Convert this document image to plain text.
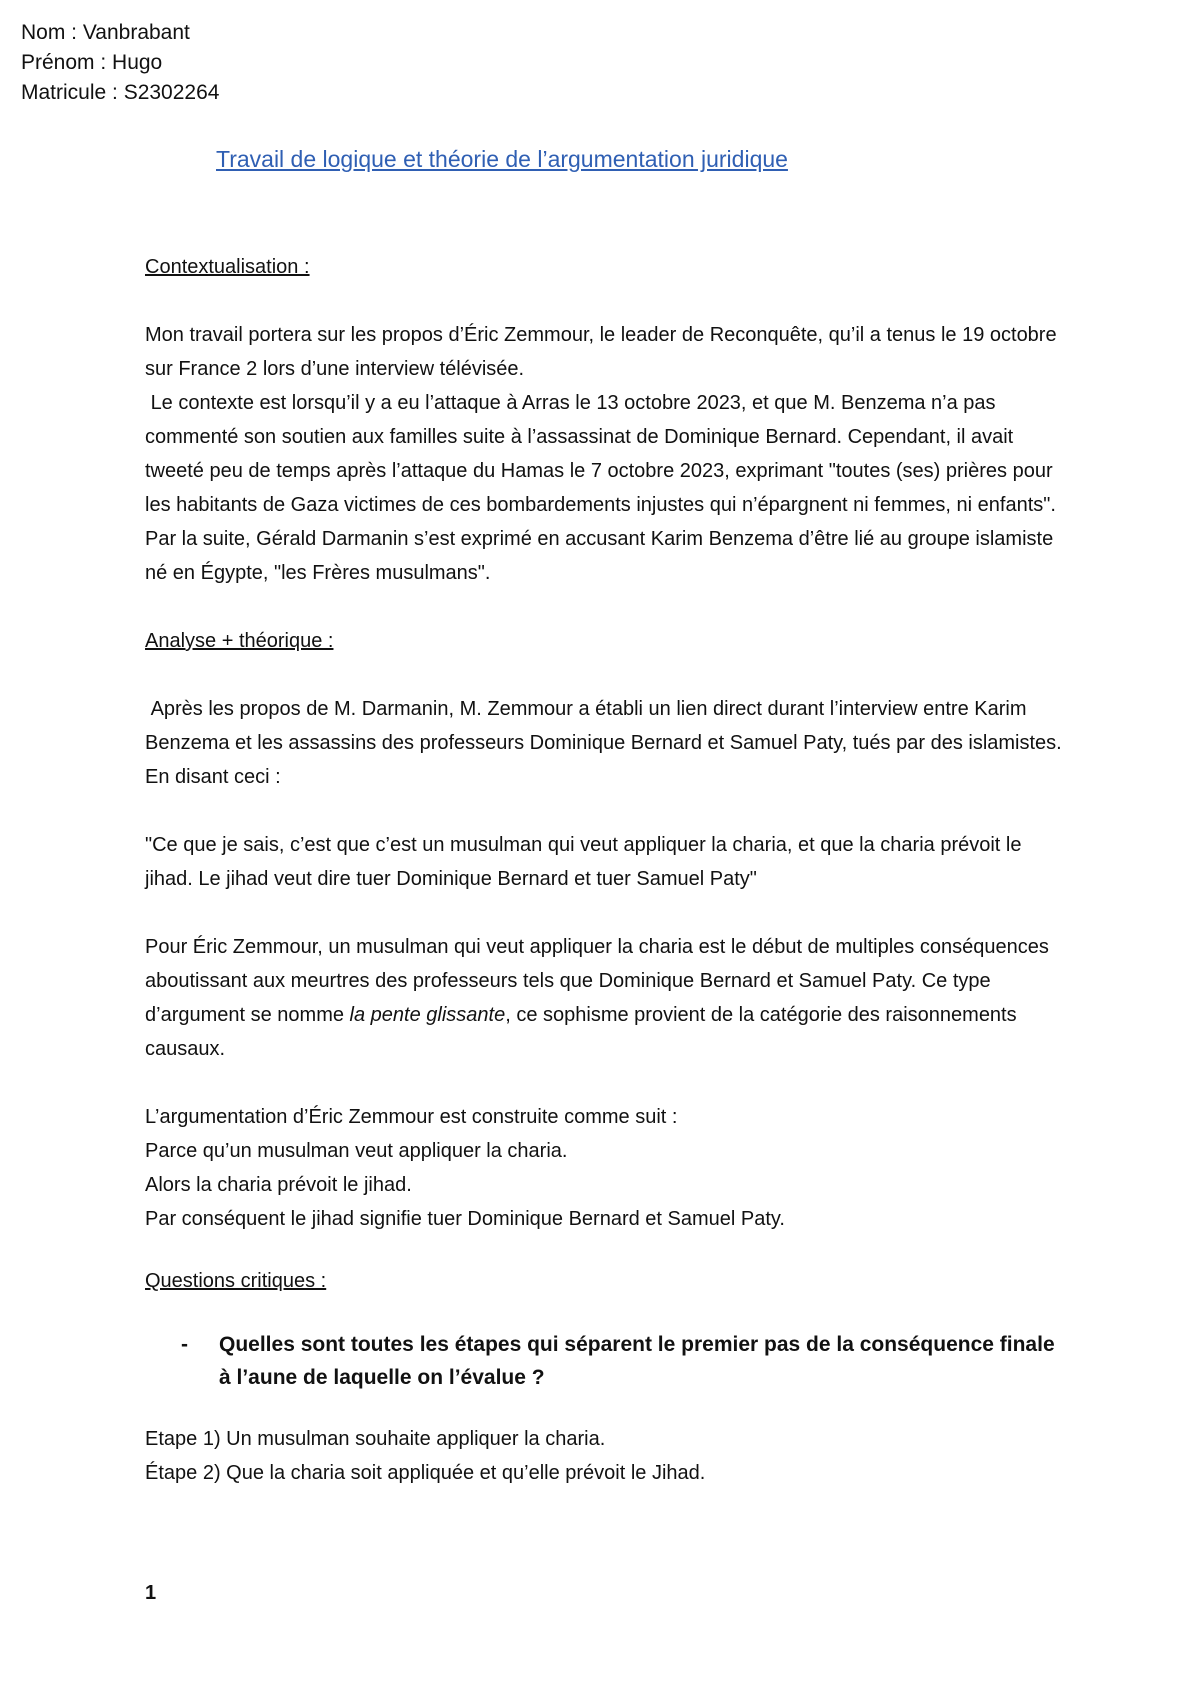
Nom : Vanbrabant
Prénom : Hugo
Matricule : S2302264
Travail de logique et théorie de l’argumentation juridique

Contextualisation :

Mon travail portera sur les propos d’Éric Zemmour, le leader de Reconquête, qu’il a tenus le 19 octobre sur France 2 lors d’une interview télévisée.

Le contexte est lorsqu’il y a eu l’attaque à Arras le 13 octobre 2023, et que M. Benzema n’a pas commenté son soutien aux familles suite à l’assassinat de Dominique Bernard. Cependant, il avait tweeté peu de temps après l’attaque du Hamas le 7 octobre 2023, exprimant "toutes (ses) prières pour les habitants de Gaza victimes de ces bombardements injustes qui n’épargnent ni femmes, ni enfants". Par la suite, Gérald Darmanin s’est exprimé en accusant Karim Benzema d’être lié au groupe islamiste né en Égypte, "les Frères musulmans".

Analyse + théorique :

Après les propos de M. Darmanin, M. Zemmour a établi un lien direct durant l’interview entre Karim Benzema et les assassins des professeurs Dominique Bernard et Samuel Paty, tués par des islamistes. En disant ceci :

"Ce que je sais, c’est que c’est un musulman qui veut appliquer la charia, et que la charia prévoit le jihad. Le jihad veut dire tuer Dominique Bernard et tuer Samuel Paty"

Pour Éric Zemmour, un musulman qui veut appliquer la charia est le début de multiples conséquences aboutissant aux meurtres des professeurs tels que Dominique Bernard et Samuel Paty. Ce type d’argument se nomme la pente glissante, ce sophisme provient de la catégorie des raisonnements causaux.

L’argumentation d’Éric Zemmour est construite comme suit :

Parce qu’un musulman veut appliquer la charia.

Alors la charia prévoit le jihad.

Par conséquent le jihad signifie tuer Dominique Bernard et Samuel Paty.

Questions critiques :

-	Quelles sont toutes les étapes qui séparent le premier pas de la conséquence finale à l’aune de laquelle on l’évalue ?

Etape 1) Un musulman souhaite appliquer la charia.

Étape 2) Que la charia soit appliquée et qu’elle prévoit le Jihad.

1
